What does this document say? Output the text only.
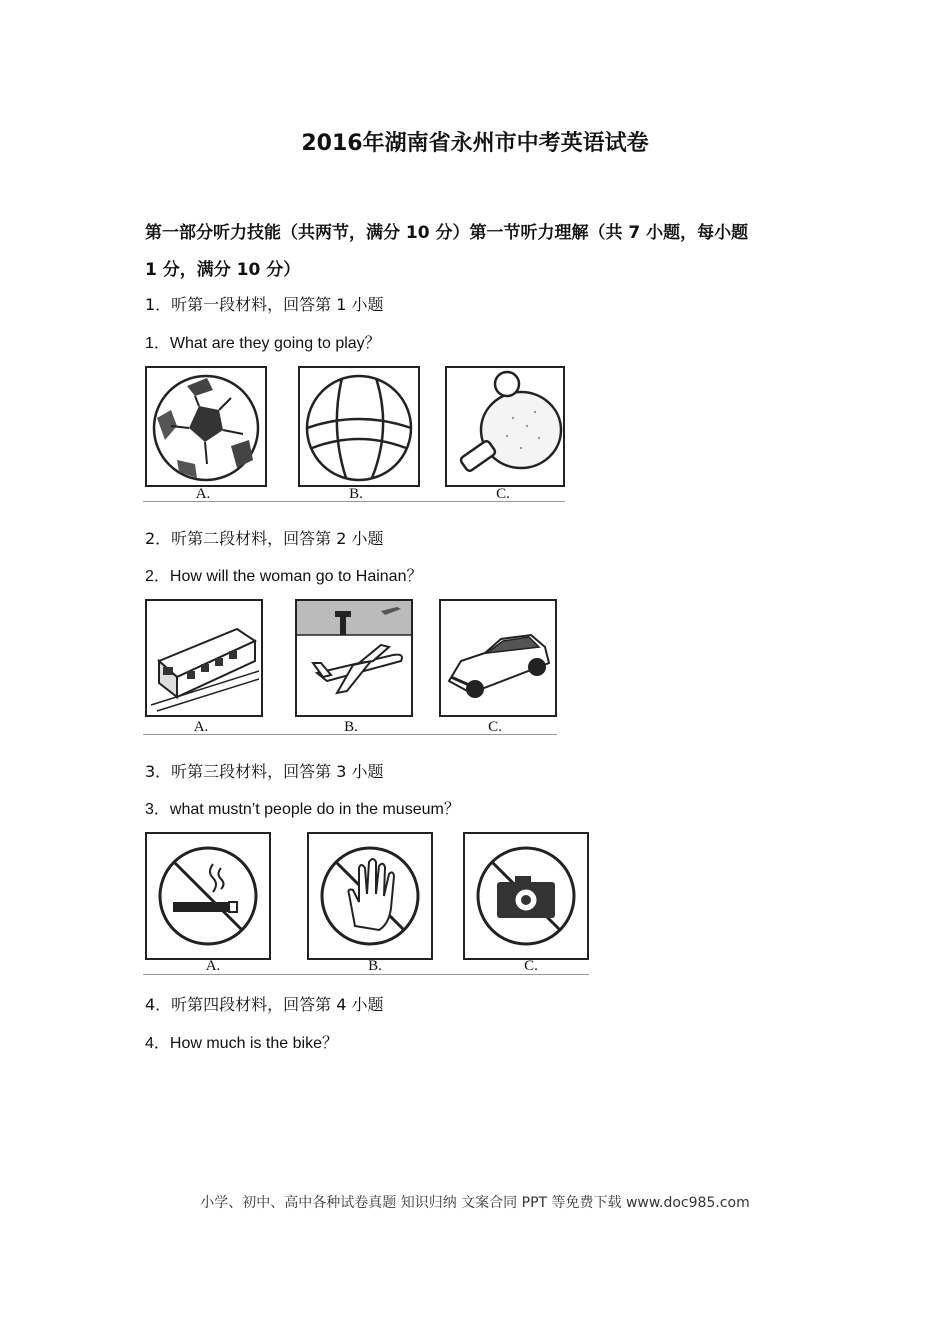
2016年湖南省永州市中考英语试卷
第一部分听力技能（共两节，满分 10 分）第一节听力理解（共 7 小题，每小题
1 分，满分 10 分）
1．听第一段材料，回答第 1 小题
1．What are they going to play？
A.	B.	C.
2．听第二段材料，回答第 2 小题
2．How will the woman go to Hainan？
A.	B.	C.
3．听第三段材料，回答第 3 小题
3．what mustn’t people do in the museum？
A.	B.	C.
4．听第四段材料，回答第 4 小题
4．How much is the bike？
小学、初中、高中各种试卷真题 知识归纳 文案合同 PPT 等免费下载 www.doc985.com
